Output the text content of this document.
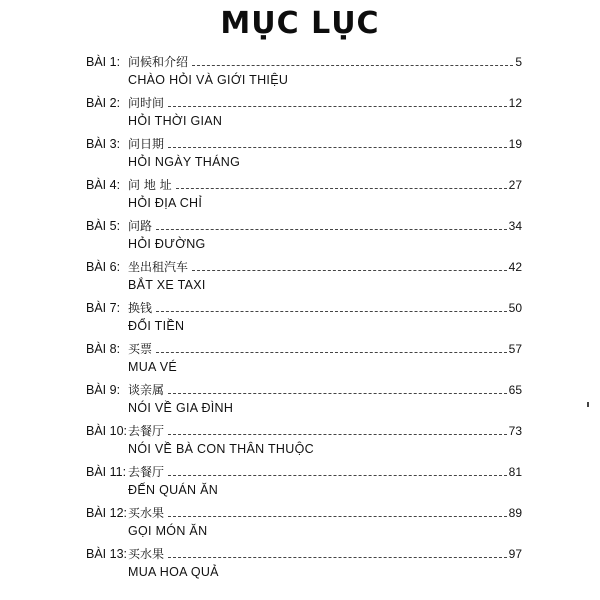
MỤC LỤC
BÀI 1: 问候和介绍	5
CHÀO HỎI VÀ GIỚI THIỆU
BÀI 2: 问时间	12
HỎI THỜI GIAN
BÀI 3: 问日期	19
HỎI NGÀY THÁNG
BÀI 4: 问 地 址	27
HỎI ĐỊA CHỈ
BÀI 5: 问路	34
HỎI ĐƯỜNG
BÀI 6: 坐出租汽车	42
BẮT XE TAXI
BÀI 7: 换钱	50
ĐỔI TIỀN
BÀI 8: 买票	57
MUA VÉ
BÀI 9: 谈亲属	65
NÓI VỀ GIA ĐÌNH
BÀI 10: 去餐厅	73
NÓI VỀ BÀ CON THÂN THUỘC
BÀI 11: 去餐厅	81
ĐẾN QUÁN ĂN
BÀI 12: 买水果	89
GỌI MÓN ĂN
BÀI 13: 买水果	97
MUA HOA QUẢ
